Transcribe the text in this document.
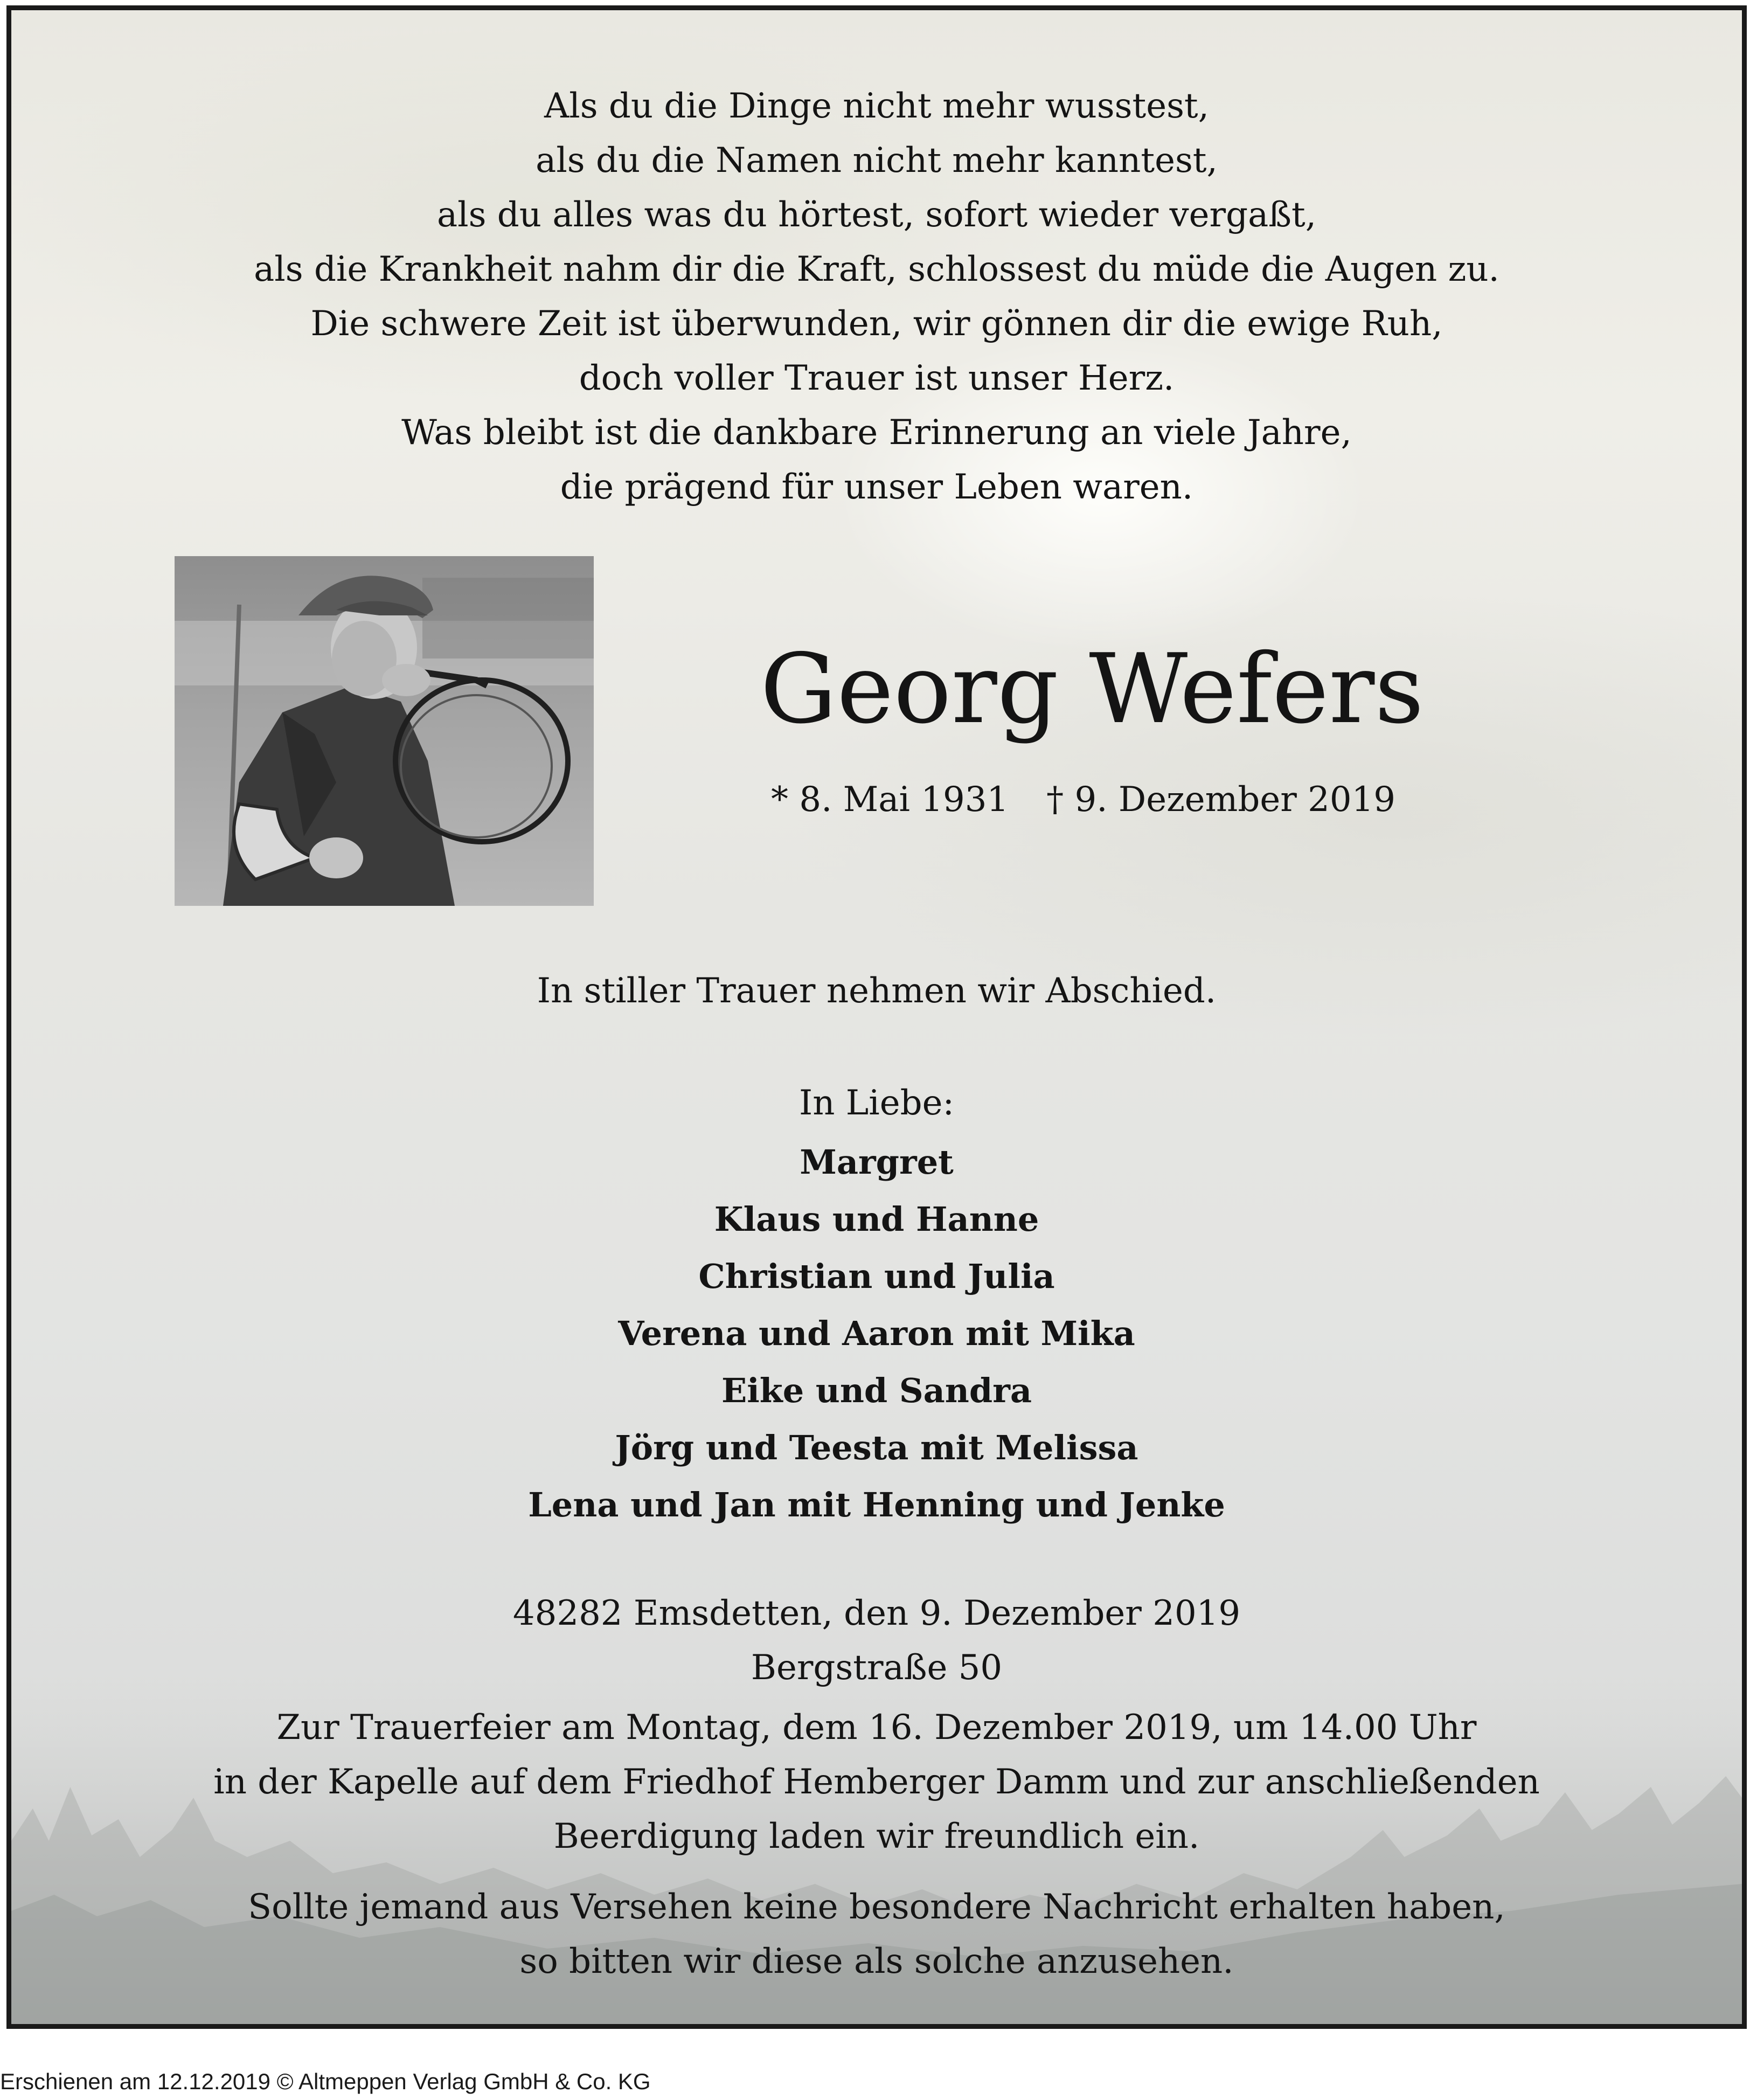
Als du die Dinge nicht mehr wusstest,
als du die Namen nicht mehr kanntest,
als du alles was du hörtest, sofort wieder vergaßt,
als die Krankheit nahm dir die Kraft, schlossest du müde die Augen zu.
Die schwere Zeit ist überwunden, wir gönnen dir die ewige Ruh,
doch voller Trauer ist unser Herz.
Was bleibt ist die dankbare Erinnerung an viele Jahre,
die prägend für unser Leben waren.
Georg Wefers
* 8. Mai 1931 † 9. Dezember 2019
In stiller Trauer nehmen wir Abschied.
In Liebe:
Margret
Klaus und Hanne
Christian und Julia
Verena und Aaron mit Mika
Eike und Sandra
Jörg und Teesta mit Melissa
Lena und Jan mit Henning und Jenke
48282 Emsdetten, den 9. Dezember 2019
Bergstraße 50
Zur Trauerfeier am Montag, dem 16. Dezember 2019, um 14.00 Uhr
in der Kapelle auf dem Friedhof Hemberger Damm und zur anschließenden
Beerdigung laden wir freundlich ein.
Sollte jemand aus Versehen keine besondere Nachricht erhalten haben,
so bitten wir diese als solche anzusehen.
Erschienen am 12.12.2019 © Altmeppen Verlag GmbH & Co. KG
